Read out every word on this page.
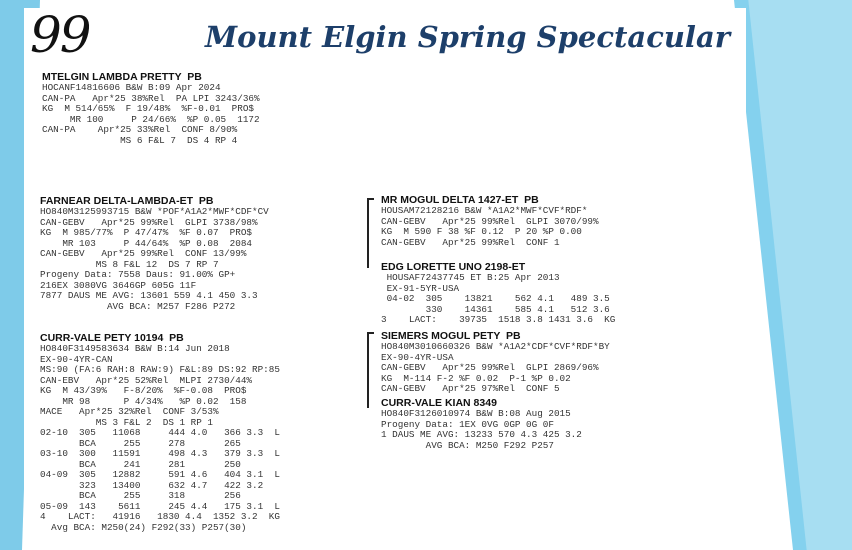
99	Mount Elgin Spring Spectacular
MTELGIN LAMBDA PRETTY  PB
HOCANF14816606 B&W B:09 Apr 2024
CAN-PA   Apr*25 38%Rel  PA LPI 3243/36%
KG  M 514/65%  F 19/48%  %F-0.01  PRO$
MR 100     P 24/66%  %P 0.05  1172
CAN-PA    Apr*25 33%Rel  CONF 8/90%
MS 6 F&L 7  DS 4 RP 4
FARNEAR DELTA-LAMBDA-ET  PB
HO840M3125993715 B&W *POF*A1A2*MWF*CDF*CV
CAN-GEBV   Apr*25 99%Rel  GLPI 3738/98%
KG  M 985/77%  P 47/47%  %F 0.07  PRO$
MR 103     P 44/64%  %P 0.08  2084
CAN-GEBV   Apr*25 99%Rel  CONF 13/99%
MS 8 F&L 12  DS 7 RP 7
Progeny Data: 7558 Daus: 91.00% GP+
216EX 3080VG 3646GP 605G 11F
7877 DAUS ME AVG: 13601 559 4.1 450 3.3
AVG BCA: M257 F286 P272
CURR-VALE PETY 10194  PB
HO840F3149583634 B&W B:14 Jun 2018
EX-90-4YR-CAN
MS:90 (FA:6 RAH:8 RAW:9) F&L:89 DS:92 RP:85
CAN-EBV   Apr*25 52%Rel  MLPI 2730/44%
KG  M 43/39%   F-8/20%  %F-0.08  PRO$
MR 98      P 4/34%   %P 0.02  158
MACE   Apr*25 32%Rel  CONF 3/53%
MS 3 F&L 2  DS 1 RP 1
02-10  305   11068     444 4.0   366 3.3  L
BCA     255     278       265
03-10  300   11591     498 4.3   379 3.3  L
BCA     241     281       250
04-09  305   12882     591 4.6   404 3.1  L
323   13400     632 4.7   422 3.2
BCA     255     318       256
05-09  143    5611     245 4.4   175 3.1  L
4    LACT:   41916   1830 4.4  1352 3.2  KG
Avg BCA: M250(24) F292(33) P257(30)
MR MOGUL DELTA 1427-ET  PB
HOUSAM72128216 B&W *A1A2*MWF*CVF*RDF*
CAN-GEBV   Apr*25 99%Rel  GLPI 3070/99%
KG  M 590 F 38 %F 0.12  P 20 %P 0.00
CAN-GEBV   Apr*25 99%Rel  CONF 1
EDG LORETTE UNO 2198-ET
HOUSAF72437745 ET B:25 Apr 2013
EX-91-5YR-USA
04-02  305    13821    562 4.1   489 3.5
330    14361    585 4.1   512 3.6
3    LACT:    39735  1518 3.8 1431 3.6  KG
SIEMERS MOGUL PETY  PB
HO840M3010660326 B&W *A1A2*CDF*CVF*RDF*BY
EX-90-4YR-USA
CAN-GEBV   Apr*25 99%Rel  GLPI 2869/96%
KG  M-114 F-2 %F 0.02  P-1 %P 0.02
CAN-GEBV   Apr*25 97%Rel  CONF 5
CURR-VALE KIAN 8349
HO840F3126010974 B&W B:08 Aug 2015
Progeny Data: 1EX 0VG 0GP 0G 0F
1 DAUS ME AVG: 13233 570 4.3 425 3.2
AVG BCA: M250 F292 P257
